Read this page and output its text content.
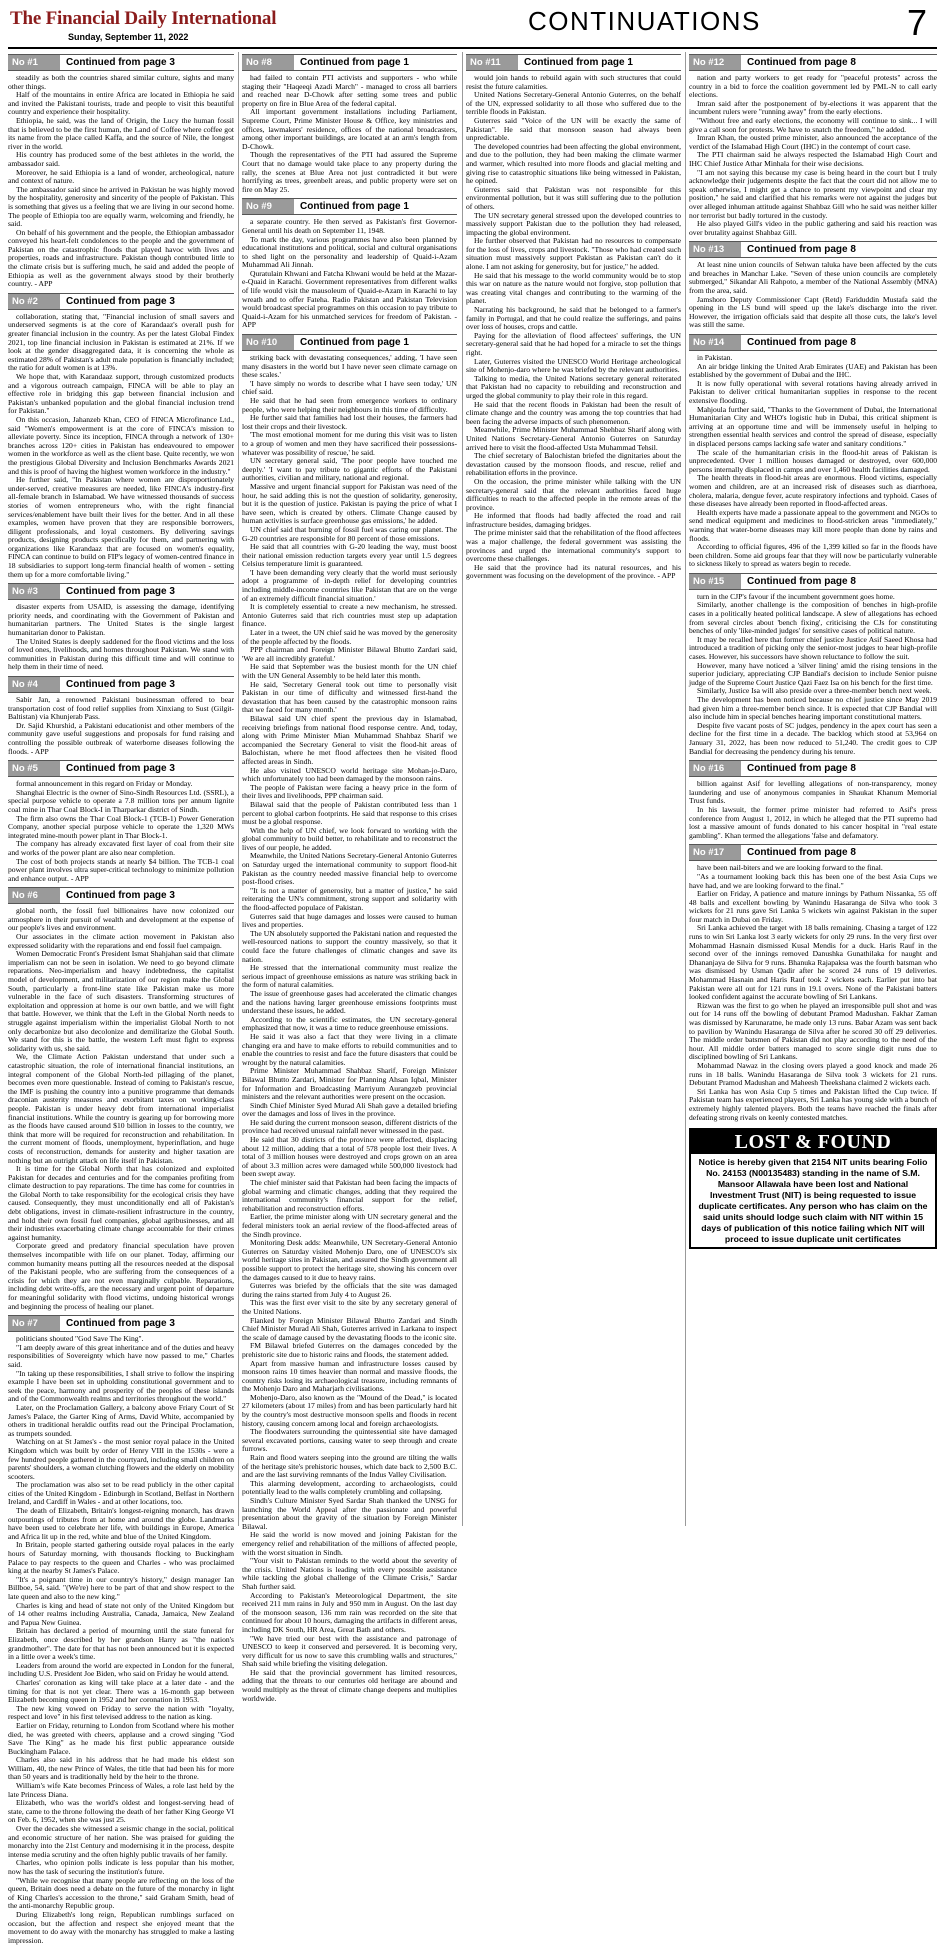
The Financial Daily International
Sunday, September 11, 2022
CONTINUATIONS	7
No #1	Continued from page 3

steadily as both the countries shared similar culture, sights and many other things.

Half of the mountains in entire Africa are located in Ethiopia he said and invited the Pakistani tourists, trade and people to visit this beautiful country and experience their hospitality.

Ethiopia, he said, was the land of Origin, the Lucy the human fossil that is believed to be the first human, the Land of Coffee where coffee got its name from the place called Kaffa, and the source of Nile, the longest river in the world.

His country has produced some of the best athletes in the world, the ambassador said.

Moreover, he said Ethiopia is a land of wonder, archeological, nature and context of nature.

The ambassador said since he arrived in Pakistan he was highly moved by the hospitality, generosity and sincerity of the people of Pakistan. This is something that gives us a feeling that we are living in our second home. The people of Ethiopia too are equally warm, welcoming and friendly, he said.

On behalf of his government and the people, the Ethiopian ambassador conveyed his heart-felt condolences to the people and the government of Pakistan on the catastrophic floods that played havoc with lives and properties, roads and infrastructure. Pakistan though contributed little to the climate crisis but is suffering much, he said and added the people of Ethiopia as well as the government always stood by their brotherly country. - APP

No #2	Continued from page 3

collaboration, stating that, "Financial inclusion of small savers and underserved segments is at the core of Karandaaz's overall push for greater financial inclusion in the country. As per the latest Global Findex 2021, top line financial inclusion in Pakistan is estimated at 21%. If we look at the gender disaggregated data, it is concerning the whole as estimated 28% of Pakistan's adult male population is financially included; the ratio for adult women is at 13%.

We hope that, with Karandaaz support, through customized products and a vigorous outreach campaign, FINCA will be able to play an effective role in bridging this gap between financial inclusion and Pakistan's unbanked population and the global financial inclusion trend for Pakistan."

On this occasion, Jahanzeb Khan, CEO of FINCA Microfinance Ltd., said "Women's empowerment is at the core of FINCA's mission to alleviate poverty. Since its inception, FINCA through a network of 130+ branches across 120+ cities in Pakistan has endeavoured to empower women in the workforce as well as the client base. Quite recently, we won the prestigious Global Diversity and Inclusion Benchmarks Awards 2021 and this is proof of having the highest women workforce in the industry."

He further said, "In Pakistan where women are disproportionately under-served, creative measures are needed, like FINCA's industry-first all-female branch in Islamabad. We have witnessed thousands of success stories of women entrepreneurs who, with the right financial services/enablement have built their lives for the better. And in all these examples, women have proven that they are responsible borrowers, diligent professionals, and loyal customers. By delivering savings products, designing products specifically for them, and partnering with organizations like Karandaaz that are focused on women's equality, FINCA can continue to build on FIP's legacy of women-centred finance in 18 subsidiaries to support long-term financial health of women - setting them up for a more comfortable living."

No #3	Continued from page 3

disaster experts from USAID, is assessing the damage, identifying priority needs, and coordinating with the Government of Pakistan and humanitarian partners. The United States is the single largest humanitarian donor to Pakistan.

The United States is deeply saddened for the flood victims and the loss of loved ones, livelihoods, and homes throughout Pakistan. We stand with communities in Pakistan during this difficult time and will continue to help them in their time of need.

No #4	Continued from page 3

Sabir Jan, a renowned Pakistani businessman offered to bear transportation cost of food relief supplies from Xinxiang to Sust (Gilgit-Baltistan) via Khunjerab Pass.

Dr. Sajid Khurshid, a Pakistani educationist and other members of the community gave useful suggestions and proposals for fund raising and controlling the possible outbreak of waterborne diseases following the floods. - APP

No #5	Continued from page 3

formal announcement in this regard on Friday or Monday.

Shanghai Electric is the owner of Sino-Sindh Resources Ltd. (SSRL), a special purpose vehicle to operate a 7.8 million tons per annum lignite coal mine in Thar Coal Block-I in Tharparkar district of Sindh.

The firm also owns the Thar Coal Block-1 (TCB-1) Power Generation Company, another special purpose vehicle to operate the 1,320 MWs integrated mine-mouth power plant in Thar Block-1.

The company has already excavated first layer of coal from their site and works of the power plant are also near completion.

The cost of both projects stands at nearly $4 billion. The TCB-1 coal power plant involves ultra super-critical technology to minimize pollution and enhance output. - APP

No #6	Continued from page 3

global north, the fossil fuel billionaires have now colonized our atmosphere in their pursuit of wealth and development at the expense of our people's lives and environment.

Our associates in the climate action movement in Pakistan also expressed solidarity with the reparations and end fossil fuel campaign.

Women Democratic Front's President Ismat Shahjahan said that climate imperialism can not be seen in isolation. We need to go beyond climate reparations. Neo-imperialism and heavy indebtedness, the capitalist model of development, and militarization of our region make the Global South, particularly a front-line state like Pakistan make us more vulnerable in the face of such disasters. Transforming structures of exploitation and oppression at home is our own battle, and we will fight that battle. However, we think that the Left in the Global North needs to struggle against imperialism within the imperialist Global North to not only decarbonize but also decolonize and demilitarize the Global South. We stand for this is the battle, the western Left must fight to express solidarity with us, she said.

We, the Climate Action Pakistan understand that under such a catastrophic situation, the role of international financial institutions, an integral component of the Global North-led pillaging of the planet, becomes even more questionable. Instead of coming to Pakistan's rescue, the IMF is pushing the country into a punitive programme that demands draconian austerity measures and exorbitant taxes on working-class people. Pakistan is under heavy debt from international imperialist financial institutions. While the country is gearing up for borrowing more as the floods have caused around $10 billion in losses to the country, we think that more will be required for reconstruction and rehabilitation. In the current moment of floods, unemployment, hyperinflation, and huge costs of reconstruction, demands for austerity and higher taxation are nothing but an outright attack on life itself in Pakistan.

It is time for the Global North that has colonized and exploited Pakistan for decades and centuries and for the companies profiting from climate destruction to pay reparations. The time has come for countries in the Global North to take responsibility for the ecological crisis they have caused. Consequently, they must unconditionally end all of Pakistan's debt obligations, invest in climate-resilient infrastructure in the country, and hold their own fossil fuel companies, global agribusinesses, and all their industries exacerbating climate change accountable for their crimes against humanity.

Corporate greed and predatory financial speculation have proven themselves incompatible with life on our planet. Today, affirming our common humanity means putting all the resources needed at the disposal of the Pakistani people, who are suffering from the consequences of a crisis for which they are not even marginally culpable. Reparations, including debt write-offs, are the necessary and urgent point of departure for meaningful solidarity with flood victims, undoing historical wrongs and beginning the process of healing our planet.

No #7	Continued from page 3

politicians shouted "God Save The King".

"I am deeply aware of this great inheritance and of the duties and heavy responsibilities of Sovereignty which have now passed to me," Charles said.

"In taking up these responsibilities, I shall strive to follow the inspiring example I have been set in upholding constitutional government and to seek the peace, harmony and prosperity of the peoples of these islands and of the Commonwealth realms and territories throughout the world."

Later, on the Proclamation Gallery, a balcony above Friary Court of St James's Palace, the Garter King of Arms, David White, accompanied by others in traditional heraldic outfits read out the Principal Proclamation, as trumpets sounded.

Watching on at St James's - the most senior royal palace in the United Kingdom which was built by order of Henry VIII in the 1530s - were a few hundred people gathered in the courtyard, including small children on parents' shoulders, a woman clutching flowers and the elderly on mobility scooters.

The proclamation was also set to be read publicly in the other capital cities of the United Kingdom - Edinburgh in Scotland, Belfast in Northern Ireland, and Cardiff in Wales - and at other locations, too.

The death of Elizabeth, Britain's longest-reigning monarch, has drawn outpourings of tributes from at home and around the globe. Landmarks have been used to celebrate her life, with buildings in Europe, America and Africa lit up in the red, white and blue of the United Kingdom.

In Britain, people started gathering outside royal palaces in the early hours of Saturday morning, with thousands flocking to Buckingham Palace to pay respects to the queen and Charles - who was proclaimed king at the nearby St James's Palace.

"It's a poignant time in our country's history," design manager Ian Billboe, 54, said. "(We're) here to be part of that and show respect to the late queen and also to the new king."

Charles is king and head of state not only of the United Kingdom but of 14 other realms including Australia, Canada, Jamaica, New Zealand and Papua New Guinea.

Britain has declared a period of mourning until the state funeral for Elizabeth, once described by her grandson Harry as "the nation's grandmother". The date for that has not been announced but it is expected in a little over a week's time.

Leaders from around the world are expected in London for the funeral, including U.S. President Joe Biden, who said on Friday he would attend.

Charles' coronation as king will take place at a later date - and the timing for that is not yet clear. There was a 16-month gap between Elizabeth becoming queen in 1952 and her coronation in 1953.

The new king vowed on Friday to serve the nation with "loyalty, respect and love" in his first televised address to the nation as king.

Earlier on Friday, returning to London from Scotland where his mother died, he was greeted with cheers, applause and a crowd singing "God Save The King" as he made his first public appearance outside Buckingham Palace.

Charles also said in his address that he had made his eldest son William, 40, the new Prince of Wales, the title that had been his for more than 50 years and is traditionally held by the heir to the throne.

William's wife Kate becomes Princess of Wales, a role last held by the late Princess Diana.

Elizabeth, who was the world's oldest and longest-serving head of state, came to the throne following the death of her father King George VI on Feb. 6, 1952, when she was just 25.

Over the decades she witnessed a seismic change in the social, political and economic structure of her nation. She was praised for guiding the monarchy into the 21st Century and modernising it in the process, despite intense media scrutiny and the often highly public travails of her family.

Charles, who opinion polls indicate is less popular than his mother, now has the task of securing the institution's future.

"While we recognise that many people are reflecting on the loss of the queen, Britain does need a debate on the future of the monarchy in light of King Charles's accession to the throne," said Graham Smith, head of the anti-monarchy Republic group.

During Elizabeth's long reign, Republican rumblings surfaced on occasion, but the affection and respect she enjoyed meant that the movement to do away with the monarchy has struggled to make a lasting impression.

No #8	Continued from page 1

had failed to contain PTI activists and supporters - who while staging their "Haqeeqi Azadi March" - managed to cross all barriers and reached near D-Chowk after setting some trees and public property on fire in Blue Area of the federal capital.

All important government installations including Parliament, Supreme Court, Prime Minister House & Office, key ministries and offices, lawmakers' residence, offices of the national broadcasters, among other important buildings, are located at an arm's length from D-Chowk.

Though the representatives of the PTI had assured the Supreme Court that no damage would take place to any property during the rally, the scenes at Blue Area not just contradicted it but were horrifying as trees, greenbelt areas, and public property were set on fire on May 25.

No #9	Continued from page 1

a separate country. He then served as Pakistan's first Governor-General until his death on September 11, 1948.

To mark the day, various programmes have also been planned by educational institutions and political, social and cultural organisations to shed light on the personality and leadership of Quaid-i-Azam Muhammad Ali Jinnah.

Quratulain Khwani and Fatcha Khwani would be held at the Mazar-e-Quaid in Karachi. Government representatives from different walks of life would visit the mausoleum of Quaid-e-Azam in Karachi to lay wreath and to offer Fateha. Radio Pakistan and Pakistan Television would broadcast special programmes on this occasion to pay tribute to Quaid-i-Azam for his unmatched services for freedom of Pakistan. - APP

No #10	Continued from page 1

striking back with devastating consequences,' adding, 'I have seen many disasters in the world but I have never seen climate carnage on these scales.'

'I have simply no words to describe what I have seen today,' UN chief said.

He said that he had seen from emergence workers to ordinary people, who were helping their neighbours in this time of difficulty.

He further said that families had lost their houses, the farmers had lost their crops and their livestock.

'The most emotional moment for me during this visit was to listen to a group of women and men they have sacrificed their possessions-whatever was possibility of rescue,' he said.

UN secretary general said, 'The poor people have touched me deeply.' 'I want to pay tribute to gigantic efforts of the Pakistani authorities, civilian and military, national and regional.

Massive and urgent financial support for Pakistan was need of the hour, he said adding this is not the question of solidarity, generosity, but it is the question of justice. Pakistan is paying the price of what I have seen, which is created by others. Climate Change caused by human activities is surface greenhouse gas emissions,' he added.

UN chief said that burning of fossil fuel was caring our planet. The G-20 countries are responsible for 80 percent of those emissions.

He said that all countries with G-20 leading the way, must boost their national emission reduction targets every year until 1.5 degrees Celsius temperature limit is guaranteed.

'I have been demanding very clearly that the world must seriously adopt a programme of in-depth relief for developing countries including middle-income countries like Pakistan that are on the verge of an extremely difficult financial situation.'

It is completely essential to create a new mechanism, he stressed. Antonio Guterres said that rich countries must step up adaptation finance.

Later in a tweet, the UN chief said he was moved by the generosity of the people affected by the floods.

PPP chairman and Foreign Minister Bilawal Bhutto Zardari said, 'We are all incredibly grateful.'

He said that September was the busiest month for the UN chief with the UN General Assembly to be held later this month.

He said, 'Secretary General took out time to personally visit Pakistan in our time of difficulty and witnessed first-hand the devastation that has been caused by the catastrophic monsoon rains that we faced for many month.'

Bilawal said UN chief spent the previous day in Islamabad, receiving briefings from national flood response centre. And, today, along with Prime Minister Mian Muhammad Shahbaz Sharif we accompanied the Secretary General to visit the flood-hit areas of Balochistan, where he met flood affectees then he visited flood affected areas in Sindh.

He also visited UNESCO world heritage site Mohan-jo-Daro, which unfortunately too had been damaged by the monsoon rains.

The people of Pakistan were facing a heavy price in the form of their lives and livelihoods, PPP chairman said.

Bilawal said that the people of Pakistan contributed less than 1 percent to global carbon footprints. He said that response to this crises must be a global response.

With the help of UN chief, we look forward to working with the global community to build better, to rehabilitate and to reconstruct the lives of our people, he added.

Meanwhile, the United Nations Secretary-General Antonio Guterres on Saturday urged the international community to support flood-hit Pakistan as the country needed massive financial help to overcome post-flood crises.

"It is not a matter of generosity, but a matter of justice," he said reiterating the UN's commitment, strong support and solidarity with the flood-affected populace of Pakistan.

Guterres said that huge damages and losses were caused to human lives and properties.

The UN absolutely supported the Pakistani nation and requested the well-resourced nations to support the country massively, so that it could face the future challenges of climatic changes and save its nation.

He stressed that the international community must realize the serious impact of greenhouse emissions as nature was striking back in the form of natural calamities.

The issue of greenhouse gases had accelerated the climatic changes and the nations having larger greenhouse emissions footprints must understand these issues, he added.

According to the scientific estimates, the UN secretary-general emphasized that now, it was a time to reduce greenhouse emissions.

He said it was also a fact that they were living in a climate changing era and have to make efforts to rebuild communities and to enable the countries to resist and face the future disasters that could be wrought by the natural calamities.

Prime Minister Muhammad Shahbaz Sharif, Foreign Minister Bilawal Bhutto Zardari, Minister for Planning Ahsan Iqbal, Minister for Information and Broadcasting Marriyum Aurangzeb provincial ministers and the relevant authorities were present on the occasion.

Sindh Chief Minister Syed Murad Ali Shah gave a detailed briefing over the damages and loss of lives in the province.

He said during the current monsoon season, different districts of the province had received unusual rainfall never witnessed in the past.

He said that 30 districts of the province were affected, displacing about 12 million, adding that a total of 578 people lost their lives. A total of 3 million houses were destroyed and crops grown on an area of about 3.3 million acres were damaged while 500,000 livestock had been swept away.

The chief minister said that Pakistan had been facing the impacts of global warming and climatic changes, adding that they required the international community's financial support for the relief, rehabilitation and reconstruction efforts.

Earlier, the prime minister along with UN secretary general and the federal ministers took an aerial review of the flood-affected areas of the Sindh province.

Monitoring Desk adds: Meanwhile, UN Secretary-General Antonio Guterres on Saturday visited Mohenjo Daro, one of UNESCO's six world heritage sites in Pakistan, and assured the Sindh government all possible support to protect the heritage site, showing his concern over the damages caused to it due to heavy rains.

Guterres was briefed by the officials that the site was damaged during the rains started from July 4 to August 26.

This was the first ever visit to the site by any secretary general of the United Nations.

Flanked by Foreign Minister Bilawal Bhutto Zardari and Sindh Chief Minister Murad Ali Shah, Guterres arrived in Larkana to inspect the scale of damage caused by the devastating floods to the iconic site.

FM Bilawal briefed Guterres on the damages conceded by the prehistoric site due to historic rains and floods, the statement added.

Apart from massive human and infrastructure losses caused by monsoon rains 10 times heavier than normal and massive floods, the country risks losing its archaeological treasure, including remnants of the Mohenjo Daro and Maharjarh civilisations.

Mohenjo-Daro, also known as the "Mound of the Dead," is located 27 kilometers (about 17 miles) from and has been particularly hard hit by the country's most destructive monsoon spells and floods in recent history, causing concern among local and foreign archaeologists.

The floodwaters surrounding the quintessential site have damaged several excavated portions, causing water to seep through and create furrows.

Rain and flood waters seeping into the ground are tilting the walls of the heritage site's prehistoric houses, which date back to 2,500 B.C. and are the last surviving remnants of the Indus Valley Civilisation.

This alarming development, according to archaeologists, could potentially lead to the walls completely crumbling and collapsing.

Sindh's Culture Minister Syed Sardar Shah thanked the UNSG for launching the World Appeal after the passionate and powerful presentation about the gravity of the situation by Foreign Minister Bilawal.

He said the world is now moved and joining Pakistan for the emergency relief and rehabilitation of the millions of affected people, with the worst situation in Sindh.

"Your visit to Pakistan reminds to the world about the severity of the crisis. United Nations is leading with every possible assistance while tackling the global challenge of the Climate Crisis," Sardar Shah further said.

According to Pakistan's Meteorological Department, the site received 211 mm rains in July and 950 mm in August. On the last day of the monsoon season, 136 mm rain was recorded on the site that continued for about 10 hours, damaging the artifacts in different areas, including DK South, HR Area, Great Bath and others.

"We have tried our best with the assistance and patronage of UNESCO to keep it conserved and persevered. It is becoming very, very difficult for us now to save this crumbling walls and structures," Shah said while briefing the visiting delegation.

He said that the provincial government has limited resources, adding that the threats to our centuries old heritage are abound and would multiply as the threat of climate change deepens and multiplies worldwide.

No #11	Continued from page 1

would join hands to rebuild again with such structures that could resist the future calamities.

United Nations Secretary-General Antonio Guterres, on the behalf of the UN, expressed solidarity to all those who suffered due to the terrible floods in Pakistan.

Guterres said "Voice of the UN will be exactly the same of Pakistan". He said that monsoon season had always been unpredictable.

The developed countries had been affecting the global environment, and due to the pollution, they had been making the climate warmer and warmer, which resulted into more floods and glacial melting and giving rise to catastrophic situations like being witnessed in Pakistan, he opined.

Guterres said that Pakistan was not responsible for this environmental pollution, but it was still suffering due to the pollution of others.

The UN secretary general stressed upon the developed countries to massively support Pakistan due to the pollution they had released, impacting the global environment.

He further observed that Pakistan had no resources to compensate for the loss of lives, crops and livestock. "Those who had created such situation must massively support Pakistan as Pakistan can't do it alone. I am not asking for generosity, but for justice," he added.

He said that his message to the world community would be to stop this war on nature as the nature would not forgive, stop pollution that was creating vital changes and contributing to the warming of the planet.

Narrating his background, he said that he belonged to a farmer's family in Portugal, and that he could realize the sufferings, and pains over loss of houses, crops and cattle.

Paying for the alleviation of flood affectees' sufferings, the UN secretary-general said that he had hoped for a miracle to set the things right.

Later, Guterres visited the UNESCO World Heritage archeological site of Mohenjo-daro where he was briefed by the relevant authorities.

Talking to media, the United Nations secretary general reiterated that Pakistan had no capacity to rebuilding and reconstruction and urged the global community to play their role in this regard.

He said that the recent floods in Pakistan had been the result of climate change and the country was among the top countries that had been facing the adverse impacts of such phenomenon.

Meanwhile, Prime Minister Muhammad Shehbaz Sharif along with United Nations Secretary-General Antonio Guterres on Saturday arrived here to visit the flood-affected Usta Muhammad Tehsil.

The chief secretary of Balochistan briefed the dignitaries about the devastation caused by the monsoon floods, and rescue, relief and rehabilitation efforts in the province.

On the occasion, the prime minister while talking with the UN secretary-general said that the relevant authorities faced huge difficulties to reach to the affected people in the remote areas of the province.

He informed that floods had badly affected the road and rail infrastructure besides, damaging bridges.

The prime minister said that the rehabilitation of the flood affectees was a major challenge, the federal government was assisting the provinces and urged the international community's support to overcome these challenges.

He said that the province had its natural resources, and his government was focusing on the development of the province. - APP

No #12	Continued from page 8

nation and party workers to get ready for "peaceful protests" across the country in a bid to force the coalition government led by PML-N to call early elections.

Imran said after the postponement of by-elections it was apparent that the incumbent rulers were "running away" from the early elections.

"Without free and early elections, the economy will continue to sink... I will give a call soon for protests. We have to snatch the freedom," he added.

Imran Khan, the ousted prime minister, also announced the acceptance of the verdict of the Islamabad High Court (IHC) in the contempt of court case.

The PTI chairman said he always respected the Islamabad High Court and IHC Chief Justice Athar Minhala for their wise decisions.

"I am not saying this because my case is being heard in the court but I truly acknowledge their judgements despite the fact that the court did not allow me to speak otherwise, I might get a chance to present my viewpoint and clear my position," he said and clarified that his remarks were not against the judges but over alleged inhuman attitude against Shahbaz Gill who he said was neither killer nor terrorist but badly tortured in the custody.

He also played Gill's video in the public gathering and said his reaction was over brutality against Shahbaz Gill.

No #13	Continued from page 8

At least nine union councils of Sehwan taluka have been affected by the cuts and breaches in Manchar Lake. "Seven of these union councils are completely submerged," Sikandar Ali Rahpoto, a member of the National Assembly (MNA) from the area, said.

Jamshoro Deputy Commissioner Capt (Retd) Fariduddin Mustafa said the opening in the LS bund will speed up the lake's discharge into the river. However, the irrigation officials said that despite all those cuts, the lake's level was still the same.

No #14	Continued from page 8

in Pakistan.

An air bridge linking the United Arab Emirates (UAE) and Pakistan has been established by the government of Dubai and the IHC.

It is now fully operational with several rotations having already arrived in Pakistan to deliver critical humanitarian supplies in response to the recent extensive flooding.

Mahjoula further said, "Thanks to the Government of Dubai, the International Humanitarian City and WHO's logistic hub in Dubai, this critical shipment is arriving at an opportune time and will be immensely useful in helping to strengthen essential health services and control the spread of disease, especially in displaced persons camps lacking safe water and sanitary conditions."

The scale of the humanitarian crisis in the flood-hit areas of Pakistan is unprecedented. Over 1 million houses damaged or destroyed, over 600,000 persons internally displaced in camps and over 1,460 health facilities damaged.

The health threats in flood-hit areas are enormous. Flood victims, especially women and children, are at an increased risk of diseases such as diarrhoea, cholera, malaria, dengue fever, acute respiratory infections and typhoid. Cases of these diseases have already been reported in flood-affected areas.

Health experts have made a passionate appeal to the government and NGOs to send medical equipment and medicines to flood-stricken areas "immediately," warning that water-borne diseases may kill more people than done by rains and floods.

According to official figures, 496 of the 1,399 killed so far in the floods have been children. Some aid groups fear that they will now be particularly vulnerable to sickness likely to spread as waters begin to recede.

No #15	Continued from page 8

turn in the CJP's favour if the incumbent government goes home.

Similarly, another challenge is the composition of benches in high-profile cases in a politically heated political landscape. A slew of allegations has echoed from several circles about 'bench fixing', criticising the CJs for constituting benches of only 'like-minded judges' for sensitive cases of political nature.

It may be recalled here that former chief justice Justice Asif Saeed Khosa had introduced a tradition of picking only the senior-most judges to hear high-profile cases. However, his successors have shown reluctance to follow the suit.

However, many have noticed a 'silver lining' amid the rising tensions in the superior judiciary, appreciating CJP Bandial's decision to include Senior puisne judge of the Supreme Court Justice Qazi Faez Isa on his bench for the first time.

Similarly, Justice Isa will also preside over a three-member bench next week.

The development has been noticed because no chief justice since May 2019 had given him a three-member bench since. It is expected that CJP Bandial will also include him in special benches hearing important constitutional matters.

Despite five vacant posts of SC judges, pendency in the apex court has seen a decline for the first time in a decade. The backlog which stood at 53,964 on January 31, 2022, has been now reduced to 51,240. The credit goes to CJP Bandial for decreasing the pendency during his tenure.

No #16	Continued from page 8

billion against Asif for levelling allegations of non-transparency, money laundering and use of anonymous companies in Shaukat Khanum Memorial Trust funds.

In his lawsuit, the former prime minister had referred to Asif's press conference from August 1, 2012, in which he alleged that the PTI supremo had lost a massive amount of funds donated to his cancer hospital in "real estate gambling". Khan termed the allegations 'false and defamatory.

No #17	Continued from page 8

have been nail-biters and we are looking forward to the final.

"As a tournament looking back this has been one of the best Asia Cups we have had, and we are looking forward to the final."

Earlier on Friday, A patience and mature innings by Pathum Nissanka, 55 off 48 balls and excellent bowling by Wanindu Hasaranga de Silva who took 3 wickets for 21 runs gave Sri Lanka 5 wickets win against Pakistan in the super four match in Dubai on Friday.

Sri Lanka achieved the target with 18 balls remaining. Chasing a target of 122 runs to win Sri Lanka lost 3 early wickets for only 29 runs. In the very first over Mohammad Hasnain dismissed Kusal Mendis for a duck. Haris Rauf in the second over of the innings removed Danushka Gunathilaka for naught and Dhananjaya de Silva for 9 runs. Bhanuka Rajapaksa was the fourth batsman who was dismissed by Usman Qadir after he scored 24 runs of 19 deliveries. Mohammad Hasnain and Haris Rauf took 2 wickets each. Earlier put into bat Pakistan were all out for 121 runs in 19.1 overs. None of the Pakistani batters looked confident against the accurate bowling of Sri Lankans.

Rizwan was the first to go when he played an irresponsible pull shot and was out for 14 runs off the bowling of debutant Pramod Madushan. Fakhar Zaman was dismissed by Karunaratne, he made only 13 runs. Babar Azam was sent back to pavilion by Wanindu Hasaranga de Silva after he scored 30 off 29 deliveries. The middle order batsmen of Pakistan did not play according to the need of the hour. All middle order batters managed to score single digit runs due to disciplined bowling of Sri Lankans.

Mohammad Nawaz in the closing overs played a good knock and made 26 runs in 18 balls. Wanindu Hasaranga de Silva took 3 wickets for 21 runs. Debutant Pramod Madushan and Maheesh Theekshana claimed 2 wickets each.

Sri Lanka has won Asia Cup 5 times and Pakistan lifted the Cup twice. If Pakistan team has experienced players, Sri Lanka has young side with a bunch of extremely highly talented players. Both the teams have reached the finals after defeating strong rivals on keenly contested matches.

LOST & FOUND
Notice is hereby given that 2154 NIT units bearing Folio No. 24153 (N00135483) standing in the name of S.M. Mansoor Allawala have been lost and National Investment Trust (NIT) is being requested to issue duplicate certificates. Any person who has claim on the said units should lodge such claim with NIT within 15 days of publication of this notice failing which NIT will proceed to issue duplicate unit certificates
